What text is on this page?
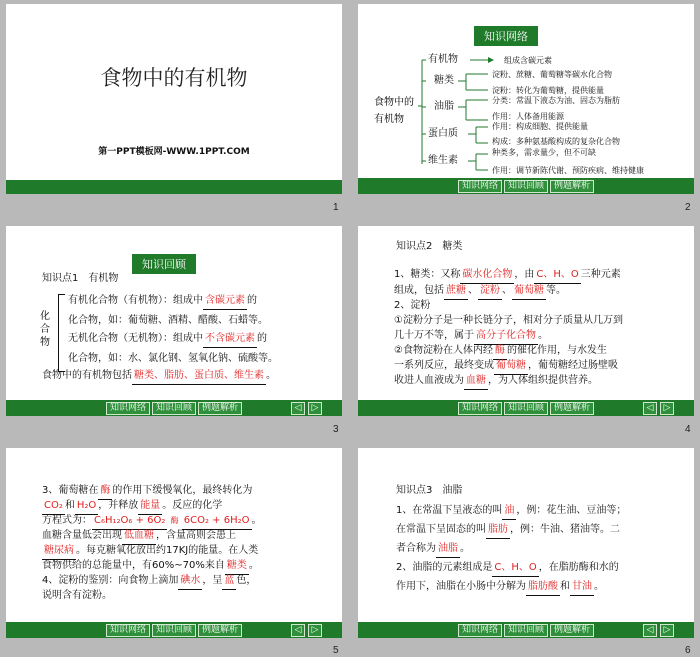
食物中的有机物
第一PPT模板网-WWW.1PPT.COM
1
知识网络
食物中的
有机物
有机物
糖类
油脂
蛋白质
维生素
组成含碳元素
淀粉、蔗糖、葡萄糖等碳水化合物
淀粉：转化为葡萄糖，提供能量
分类：常温下液态为油、固态为脂肪
作用：人体备用能源
作用：构成细胞、提供能量
构成：多种氨基酸构成的复杂化合物
种类多，需求量少，但不可缺
作用：调节新陈代谢、预防疾病、维持健康
知识网络	知识回顾	例题解析
2
知识回顾
知识点1　有机物
化合物
有机化合物（有机物）：组成中 含碳元素 的
化合物，如：葡萄糖、酒精、醋酸、石蜡等。
无机化合物（无机物）：组成中 不含碳元素 的
化合物，如：水、氯化钢、氢氧化钠、硫酸等。
食物中的有机物包括 糖类、脂肪、蛋白质、维生素 。
知识网络	知识回顾	例题解析	◁	▷
3
知识点2　糖类
1、糖类：又称 碳水化合物 ，由 C、H、O 三种元素
组成，包括 蔗糖 、 淀粉 、 葡萄糖 等。
2、淀粉
①淀粉分子是一种长链分子，相对分子质量从几万到
几十万不等，属于 高分子化合物 。
②食物淀粉在人体内经 酶 的催化作用，与水发生
一系列反应，最终变成 葡萄糖 ，葡萄糖经过肠壁吸
收进人血液成为 血糖 ，为人体组织提供营养。
知识网络	知识回顾	例题解析	◁	▷
4
3、葡萄糖在 酶 的作用下缓慢氧化，最终转化为
CO₂ 和 H₂O ，并释放 能量 。反应的化学
方程式为： C₆H₁₂O₆ + 6O₂ 酶 6CO₂ + 6H₂O 。
血糖含量低会出现 低血糖 ，含量高则会患上
糖尿病 。每克糖氧化放出约17KJ的能量。在人类
食物供给的总能量中，有60%~70%来自 糖类 。
4、淀粉的鉴别：向食物上滴加 碘水 ，呈 蓝 色，
说明含有淀粉。
知识网络	知识回顾	例题解析	◁	▷
5
知识点3　油脂
1、在常温下呈液态的叫 油 ，例：花生油、豆油等；
在常温下呈固态的叫 脂肪 ，例：牛油、猪油等。二
者合称为 油脂 。
2、油脂的元素组成是 C、H、O ，在脂肪酶和水的
作用下，油脂在小肠中分解为 脂肪酸 和 甘油 。
知识网络	知识回顾	例题解析	◁	▷
6
